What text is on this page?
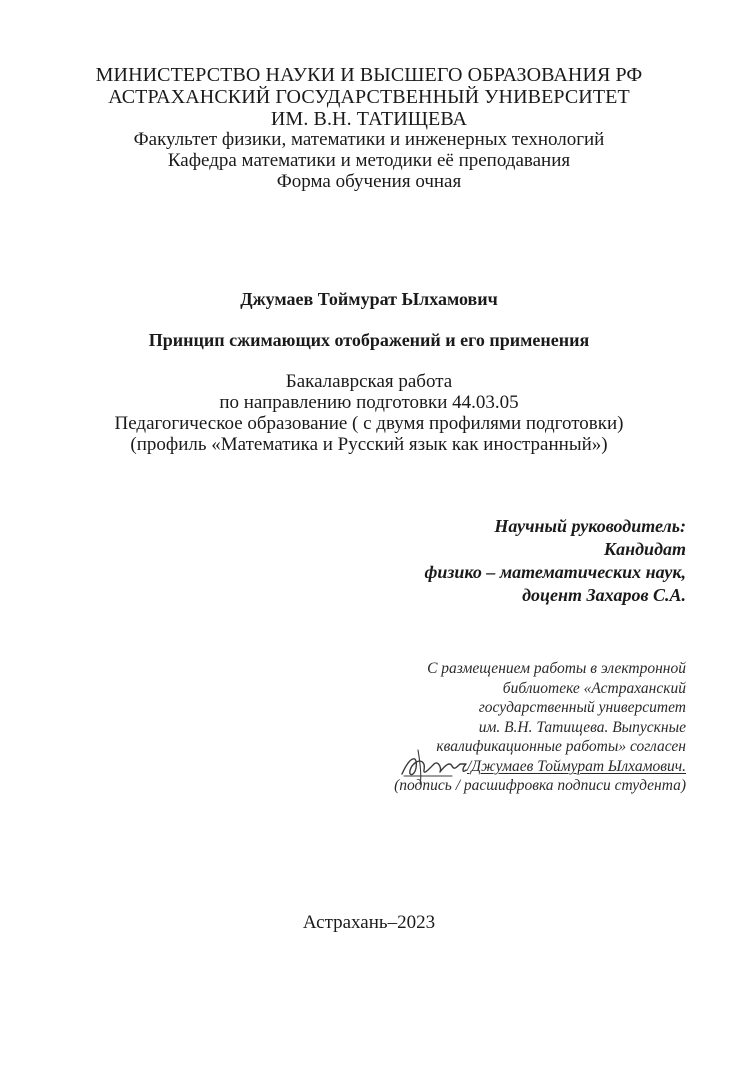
МИНИСТЕРСТВО НАУКИ И ВЫСШЕГО ОБРАЗОВАНИЯ РФ
АСТРАХАНСКИЙ ГОСУДАРСТВЕННЫЙ УНИВЕРСИТЕТ
ИМ. В.Н. ТАТИЩЕВА
Факультет физики, математики и инженерных технологий
Кафедра математики и методики её преподавания
Форма обучения очная
Джумаев Тоймурат Ылхамович
Принцип сжимающих отображений и его применения
Бакалаврская работа
по направлению подготовки 44.03.05
Педагогическое образование ( с двумя профилями подготовки)
(профиль «Математика и Русский язык как иностранный»)
Научный руководитель:
Кандидат
физико – математических наук,
доцент Захаров С.А.
С размещением работы в электронной
библиотеке «Астраханский
государственный университет
им. В.Н. Татищева. Выпускные
квалификационные работы» согласен
/Джумаев Тоймурат Ылхамович.
(подпись / расшифровка подписи студента)
Астрахань–2023
